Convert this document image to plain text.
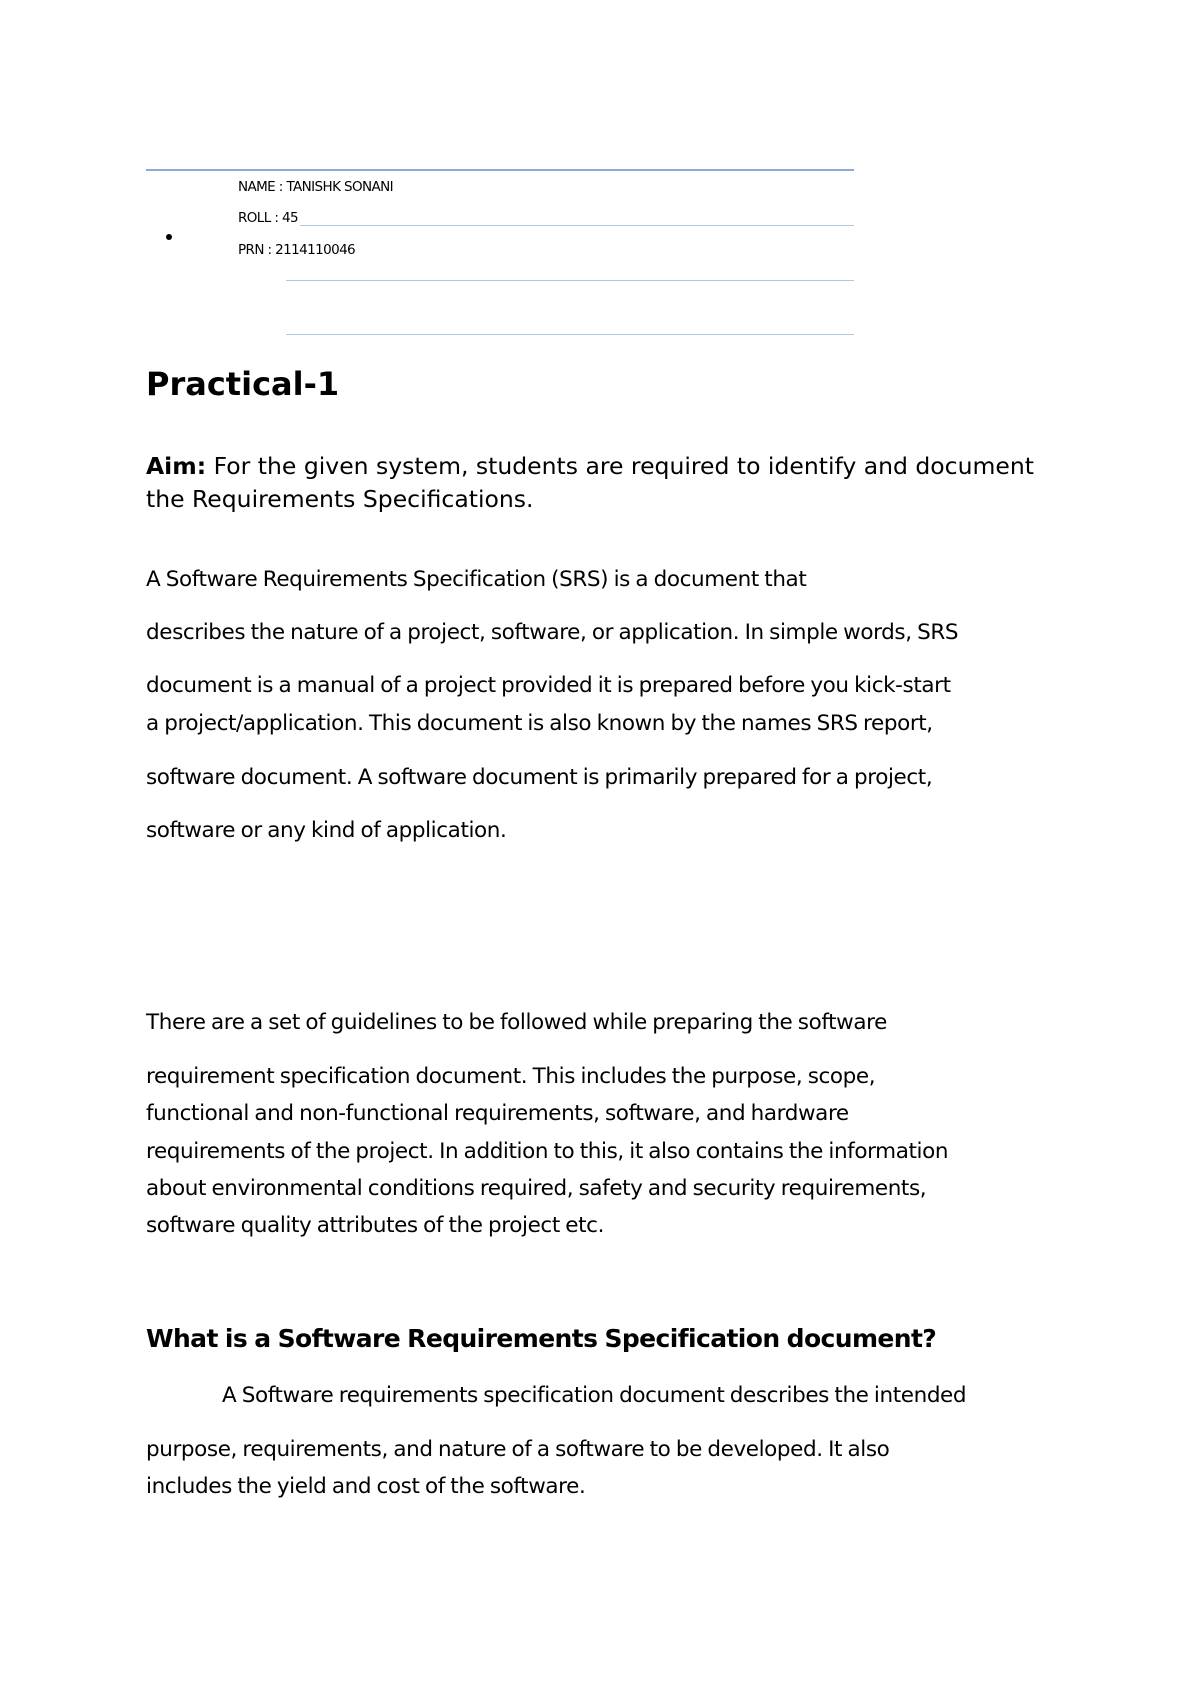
NAME : TANISHK SONANI
ROLL : 45
PRN : 2114110046
Practical-1

Aim: For the given system, students are required to identify and document the Requirements Specifications.

A Software Requirements Specification (SRS) is a document that

describes the nature of a project, software, or application. In simple words, SRS

document is a manual of a project provided it is prepared before you kick-start

a project/application. This document is also known by the names SRS report,

software document. A software document is primarily prepared for a project,

software or any kind of application.

There are a set of guidelines to be followed while preparing the software

requirement specification document. This includes the purpose, scope,

functional and non-functional requirements, software, and hardware

requirements of the project. In addition to this, it also contains the information

about environmental conditions required, safety and security requirements,

software quality attributes of the project etc.

What is a Software Requirements Specification document?

A Software requirements specification document describes the intended

purpose, requirements, and nature of a software to be developed. It also

includes the yield and cost of the software.
